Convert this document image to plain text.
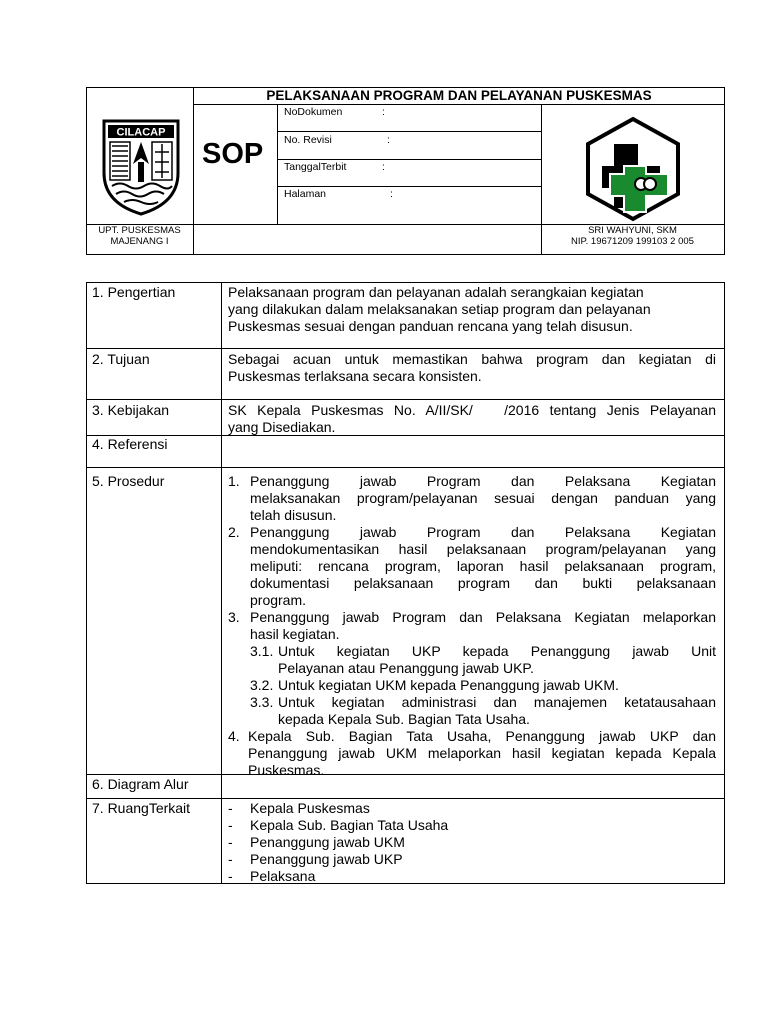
PELAKSANAAN PROGRAM DAN PELAYANAN PUSKESMAS
CILACAP
SOP
NoDokumen	:
No. Revisi	:
TanggalTerbit	:
Halaman	:
UPT. PUSKESMAS
MAJENANG I
SRI WAHYUNI, SKM
NIP. 19671209 199103 2 005
1. Pengertian	Pelaksanaan program dan pelayanan adalah serangkaian kegiatan
yang dilakukan dalam melaksanakan setiap program dan pelayanan
Puskesmas sesuai dengan panduan rencana yang telah disusun.
2. Tujuan	Sebagai acuan untuk memastikan bahwa program dan kegiatan di
Puskesmas terlaksana secara konsisten.
3. Kebijakan	SK Kepala Puskesmas No. A/II/SK/   /2016 tentang Jenis Pelayanan
yang Disediakan.
4. Referensi
5. Prosedur	1. Penanggung jawab Program dan Pelaksana Kegiatan
melaksanakan program/pelayanan sesuai dengan panduan yang
telah disusun.
2. Penanggung jawab Program dan Pelaksana Kegiatan
mendokumentasikan hasil pelaksanaan program/pelayanan yang
meliputi: rencana program, laporan hasil pelaksanaan program,
dokumentasi pelaksanaan program dan bukti pelaksanaan
program.
3. Penanggung jawab Program dan Pelaksana Kegiatan melaporkan
hasil kegiatan.
3.1. Untuk kegiatan UKP kepada Penanggung jawab Unit
Pelayanan atau Penanggung jawab UKP.
3.2. Untuk kegiatan UKM kepada Penanggung jawab UKM.
3.3. Untuk kegiatan administrasi dan manajemen ketatausahaan
kepada Kepala Sub. Bagian Tata Usaha.
4. Kepala Sub. Bagian Tata Usaha, Penanggung jawab UKP dan
Penanggung jawab UKM melaporkan hasil kegiatan kepada Kepala
Puskesmas.
6. Diagram Alur
7. RuangTerkait	- Kepala Puskesmas
- Kepala Sub. Bagian Tata Usaha
- Penanggung jawab UKM
- Penanggung jawab UKP
- Pelaksana
